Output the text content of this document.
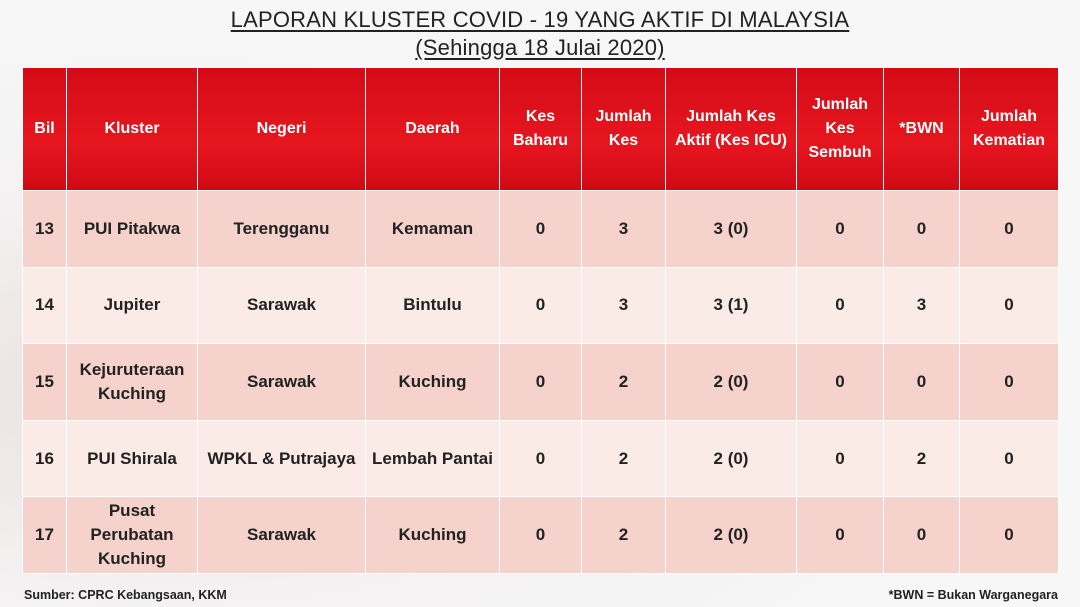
LAPORAN KLUSTER COVID - 19 YANG AKTIF DI MALAYSIA
(Sehingga 18 Julai 2020)
Bil	Kluster	Negeri	Daerah	Kes Baharu	Jumlah Kes	Jumlah Kes Aktif (Kes ICU)	Jumlah Kes Sembuh	*BWN	Jumlah Kematian
13	PUI Pitakwa	Terengganu	Kemaman	0	3	3 (0)	0	0	0
14	Jupiter	Sarawak	Bintulu	0	3	3 (1)	0	3	0
15	Kejuruteraan Kuching	Sarawak	Kuching	0	2	2 (0)	0	0	0
16	PUI Shirala	WPKL & Putrajaya	Lembah Pantai	0	2	2 (0)	0	2	0
17	Pusat Perubatan Kuching	Sarawak	Kuching	0	2	2 (0)	0	0	0
Sumber: CPRC Kebangsaan, KKM	*BWN = Bukan Warganegara
